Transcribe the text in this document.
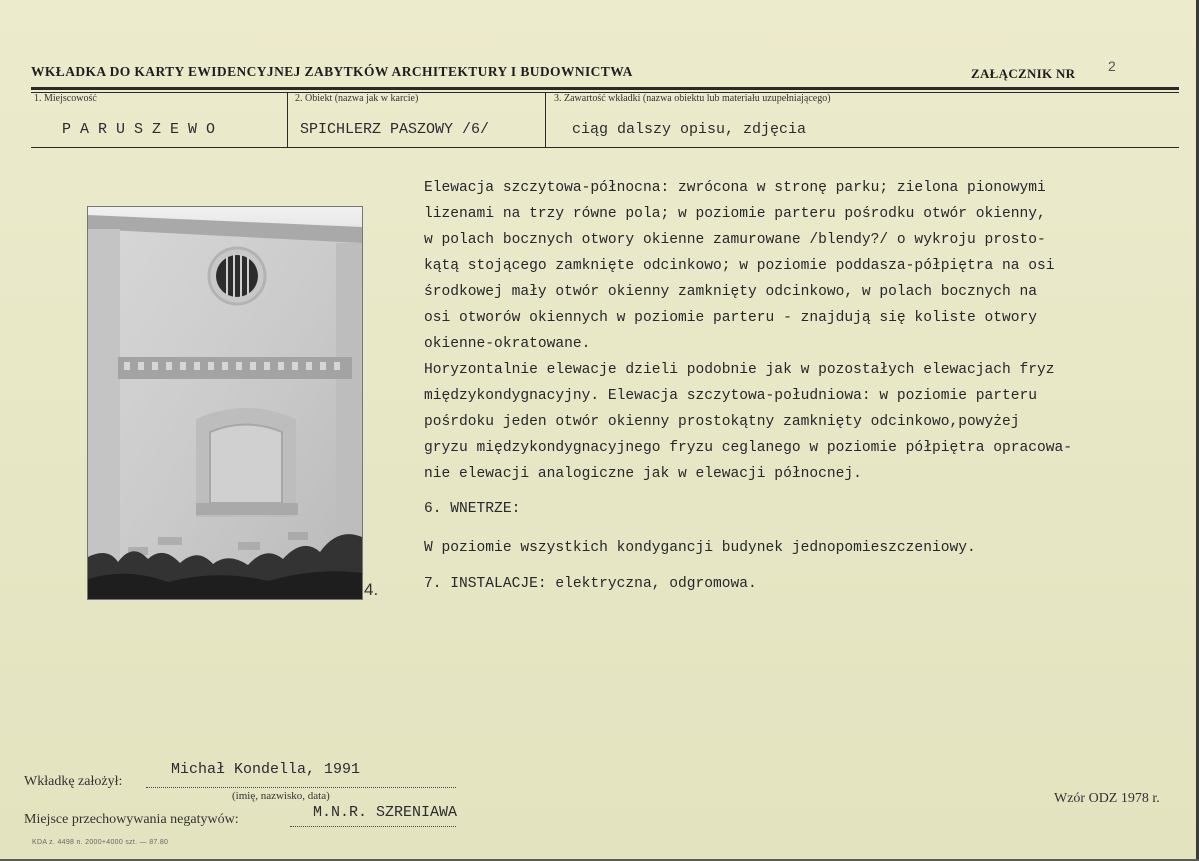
WKŁADKA DO KARTY EWIDENCYJNEJ ZABYTKÓW ARCHITEKTURY I BUDOWNICTWA	ZAŁĄCZNIK NR 2
1. Miejscowość	2. Obiekt (nazwa jak w karcie)	3. Zawartość wkładki (nazwa obiektu lub materiału uzupełniającego)
PARUSZEWO	SPICHLERZ PASZOWY /6/	ciąg dalszy opisu, zdjęcia
4.
Elewacja szczytowa-północna: zwrócona w stronę parku; zielona pionowymi
lizenami na trzy równe pola; w poziomie parteru pośrodku otwór okienny,
w polach bocznych otwory okienne zamurowane /blendy?/ o wykroju prosto-
kątą stojącego zamknięte odcinkowo; w poziomie poddasza-półpiętra na osi
środkowej mały otwór okienny zamknięty odcinkowo, w polach bocznych na
osi otworów okiennych w poziomie parteru - znajdują się koliste otwory
okienne-okratowane.
Horyzontalnie elewacje dzieli podobnie jak w pozostałych elewacjach fryz
międzykondygnacyjny. Elewacja szczytowa-południowa: w poziomie parteru
pośrdoku jeden otwór okienny prostokątny zamknięty odcinkowo,powyżej
gryzu międzykondygnacyjnego fryzu ceglanego w poziomie półpiętra opracowa-
nie elewacji analogiczne jak w elewacji północnej.
6. WNETRZE:
W poziomie wszystkich kondygancji budynek jednopomieszczeniowy.
7. INSTALACJE: elektryczna, odgromowa.
Wkładkę założył:
Michał Kondella, 1991
(imię, nazwisko, data)
Miejsce przechowywania negatywów:	M.N.R. SZRENIAWA
Wzór ODZ 1978 r.
KDA z. 4498 n. 2000+4000 szt. — 87.80
